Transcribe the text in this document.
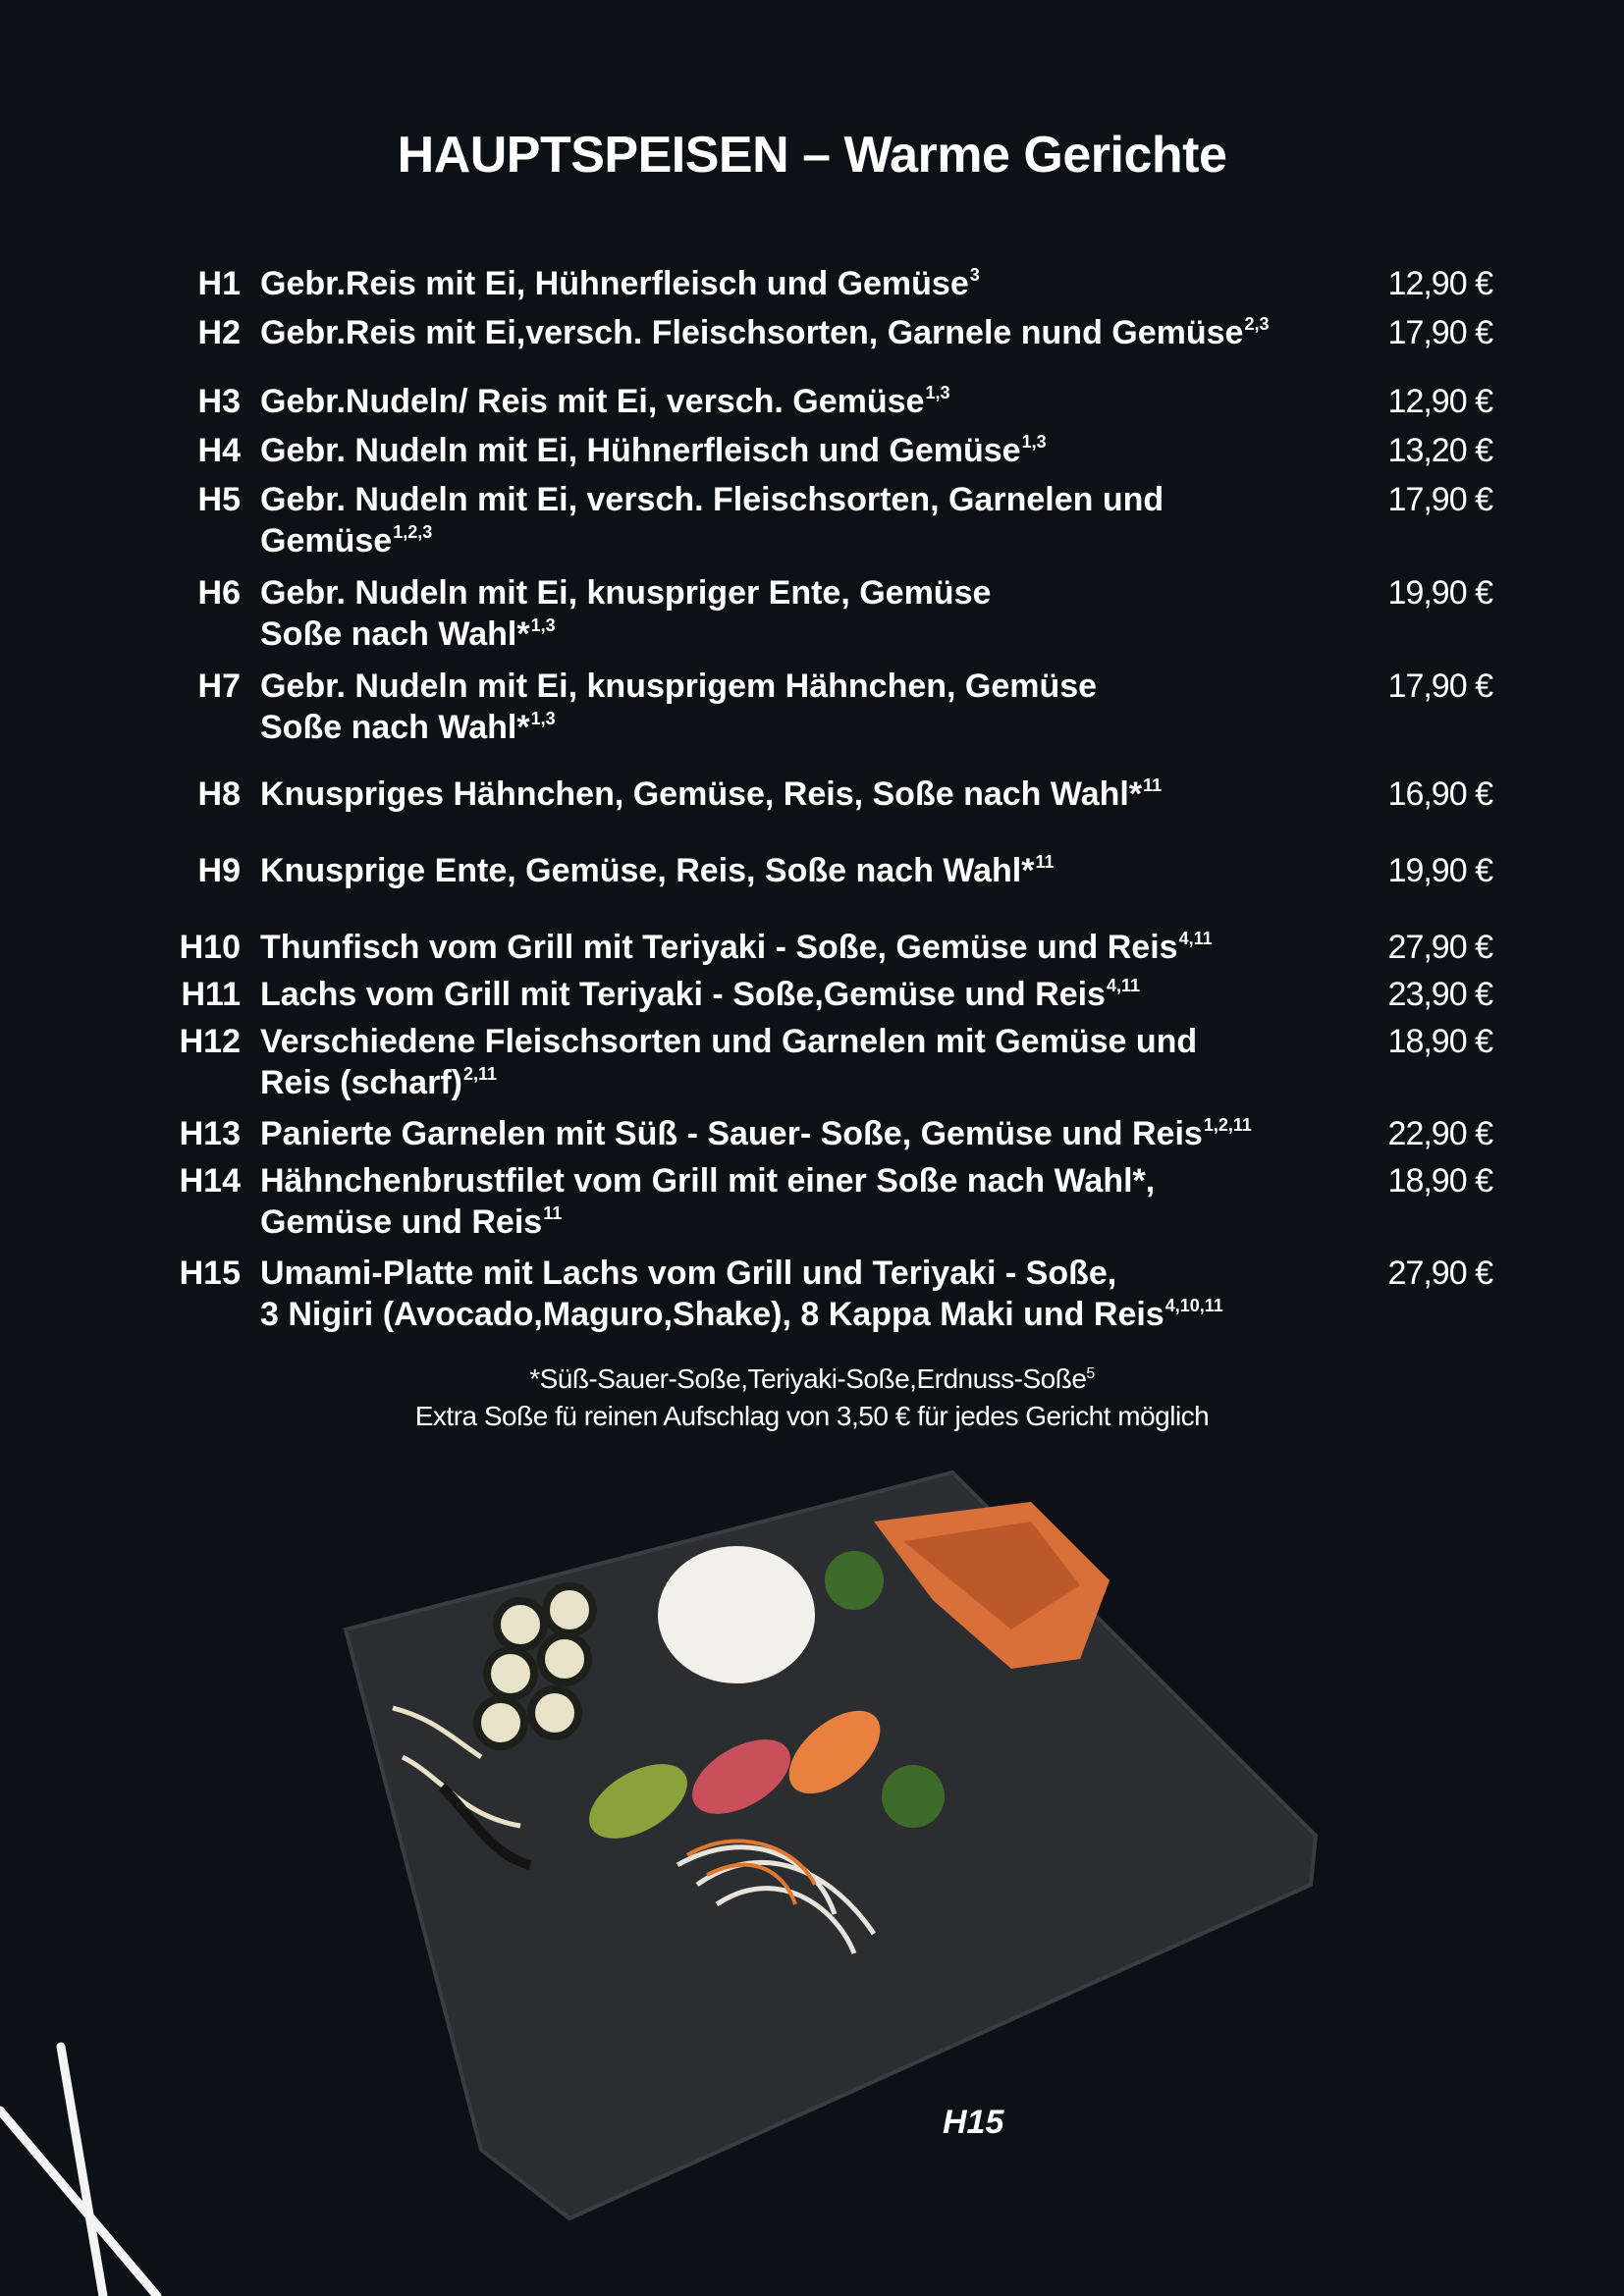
HAUPTSPEISEN – Warme Gerichte
H1 Gebr.Reis mit Ei, Hühnerfleisch und Gemüse$^3$	12,90 €
H2 Gebr.Reis mit Ei,versch. Fleischsorten, Garnele nund Gemüse$^{2,3}$	17,90 €
H3 Gebr.Nudeln/ Reis mit Ei, versch. Gemüse$^{1,3}$	12,90 €
H4 Gebr. Nudeln mit Ei, Hühnerfleisch und Gemüse$^{1,3}$	13,20 €
H5 Gebr. Nudeln mit Ei, versch. Fleischsorten, Garnelen und
Gemüse$^{1,2,3}$
17,90 €
H6 Gebr. Nudeln mit Ei, knuspriger Ente, Gemüse
Soße nach Wahl*$^{1,3}$
19,90 €
H7 Gebr. Nudeln mit Ei, knusprigem Hähnchen, Gemüse
Soße nach Wahl*$^{1,3}$
17,90 €
H8 Knuspriges Hähnchen, Gemüse, Reis, Soße nach Wahl*$^{11}$	16,90 €
H9 Knusprige Ente, Gemüse, Reis, Soße nach Wahl*$^{11}$	19,90 €
H10 Thunfisch vom Grill mit Teriyaki - Soße, Gemüse und Reis$^{4,11}$	27,90 €
H11 Lachs vom Grill mit Teriyaki - Soße,Gemüse und Reis$^{4,11}$	23,90 €
H12 Verschiedene Fleischsorten und Garnelen mit Gemüse und
Reis (scharf)$^{2,11}$
18,90 €
H13 Panierte Garnelen mit Süß - Sauer- Soße, Gemüse und Reis$^{1,2,11}$	22,90 €
H14 Hähnchenbrustfilet vom Grill mit einer Soße nach Wahl*,
Gemüse und Reis$^{11}$
18,90 €
H15 Umami-Platte mit Lachs vom Grill und Teriyaki - Soße,
3 Nigiri (Avocado,Maguro,Shake), 8 Kappa Maki und Reis$^{4,10,11}$
27,90 €
*Süß-Sauer-Soße,Teriyaki-Soße,Erdnuss-Soße$^5$
Extra Soße fü reinen Aufschlag von 3,50 € für jedes Gericht möglich
H15
